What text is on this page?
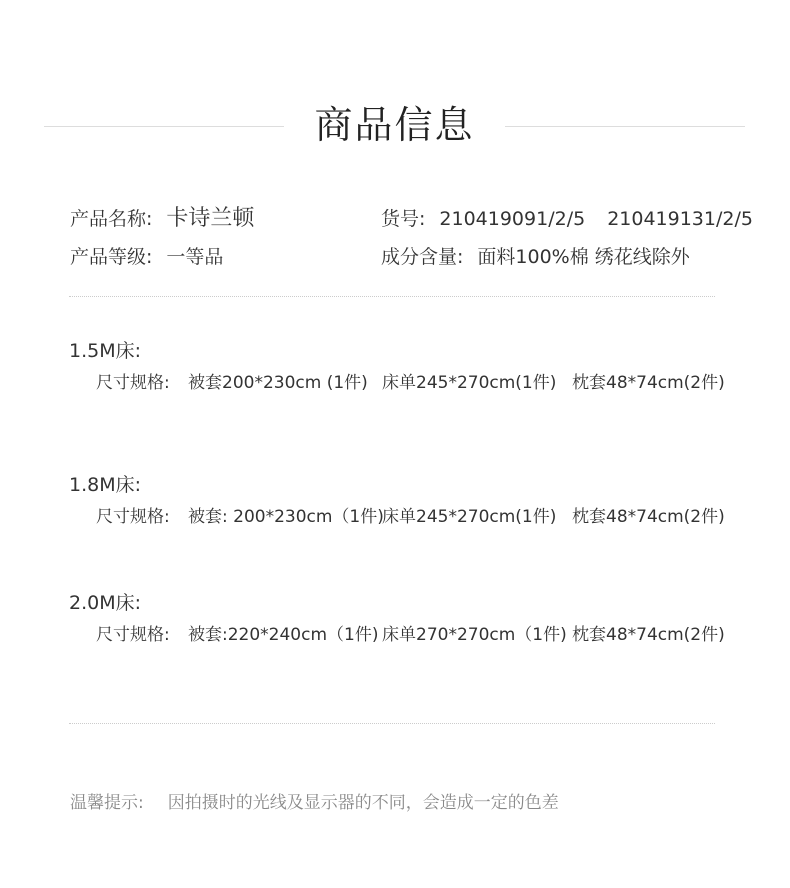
商品信息
产品名称: 卡诗兰顿	货号: 210419091/2/5 210419131/2/5
产品等级: 一等品	成分含量: 面料100%棉 绣花线除外
1.5M床:
尺寸规格: 被套200*230cm (1件) 床单245*270cm(1件) 枕套48*74cm(2件)
1.8M床:
尺寸规格: 被套: 200*230cm（1件)床单245*270cm(1件) 枕套48*74cm(2件)
2.0M床:
尺寸规格: 被套:220*240cm（1件) 床单270*270cm（1件) 枕套48*74cm(2件)
温馨提示: 因拍摄时的光线及显示器的不同，会造成一定的色差
